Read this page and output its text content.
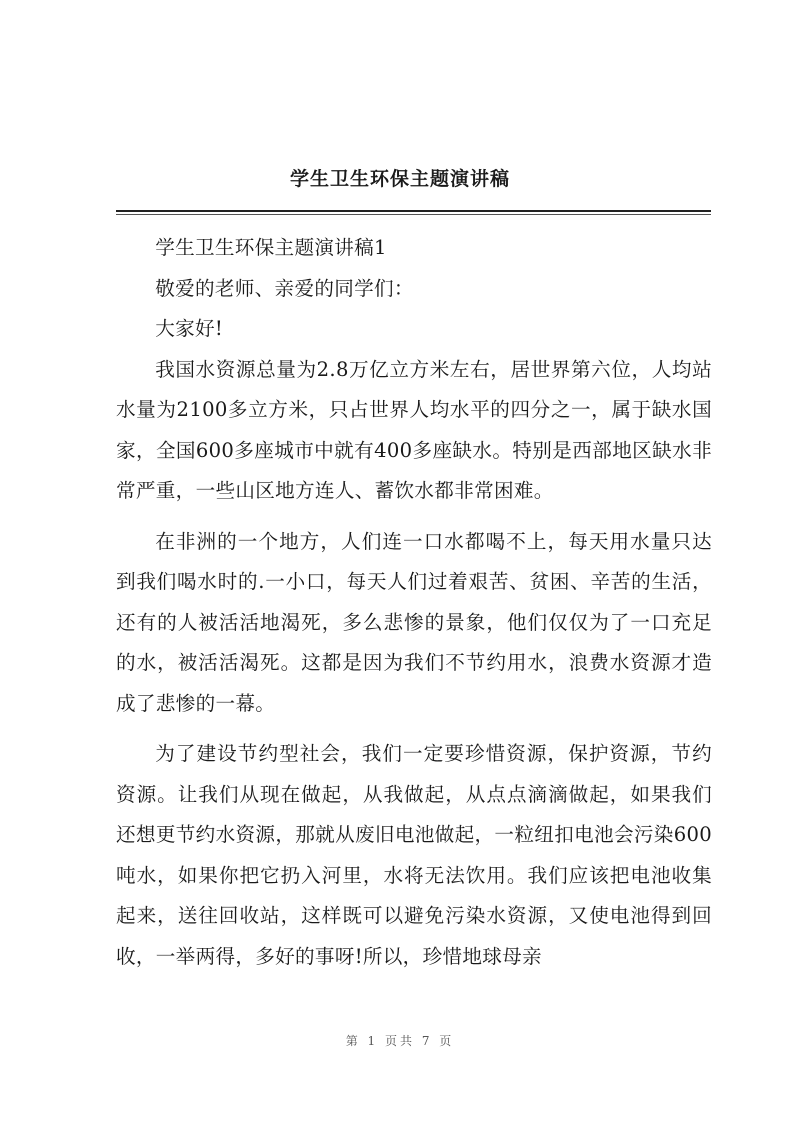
学生卫生环保主题演讲稿

学生卫生环保主题演讲稿1

敬爱的老师、亲爱的同学们：

大家好!

我国水资源总量为2.8万亿立方米左右，居世界第六位，人均站水量为2100多立方米，只占世界人均水平的四分之一，属于缺水国家，全国600多座城市中就有400多座缺水。特别是西部地区缺水非常严重，一些山区地方连人、蓄饮水都非常困难。

在非洲的一个地方，人们连一口水都喝不上，每天用水量只达到我们喝水时的.一小口，每天人们过着艰苦、贫困、辛苦的生活，还有的人被活活地渴死，多么悲惨的景象，他们仅仅为了一口充足的水，被活活渴死。这都是因为我们不节约用水，浪费水资源才造成了悲惨的一幕。

为了建设节约型社会，我们一定要珍惜资源，保护资源，节约资源。让我们从现在做起，从我做起，从点点滴滴做起，如果我们还想更节约水资源，那就从废旧电池做起，一粒纽扣电池会污染600吨水，如果你把它扔入河里，水将无法饮用。我们应该把电池收集起来，送往回收站，这样既可以避免污染水资源，又使电池得到回收，一举两得，多好的事呀!所以，珍惜地球母亲

第 1 页共 7 页
